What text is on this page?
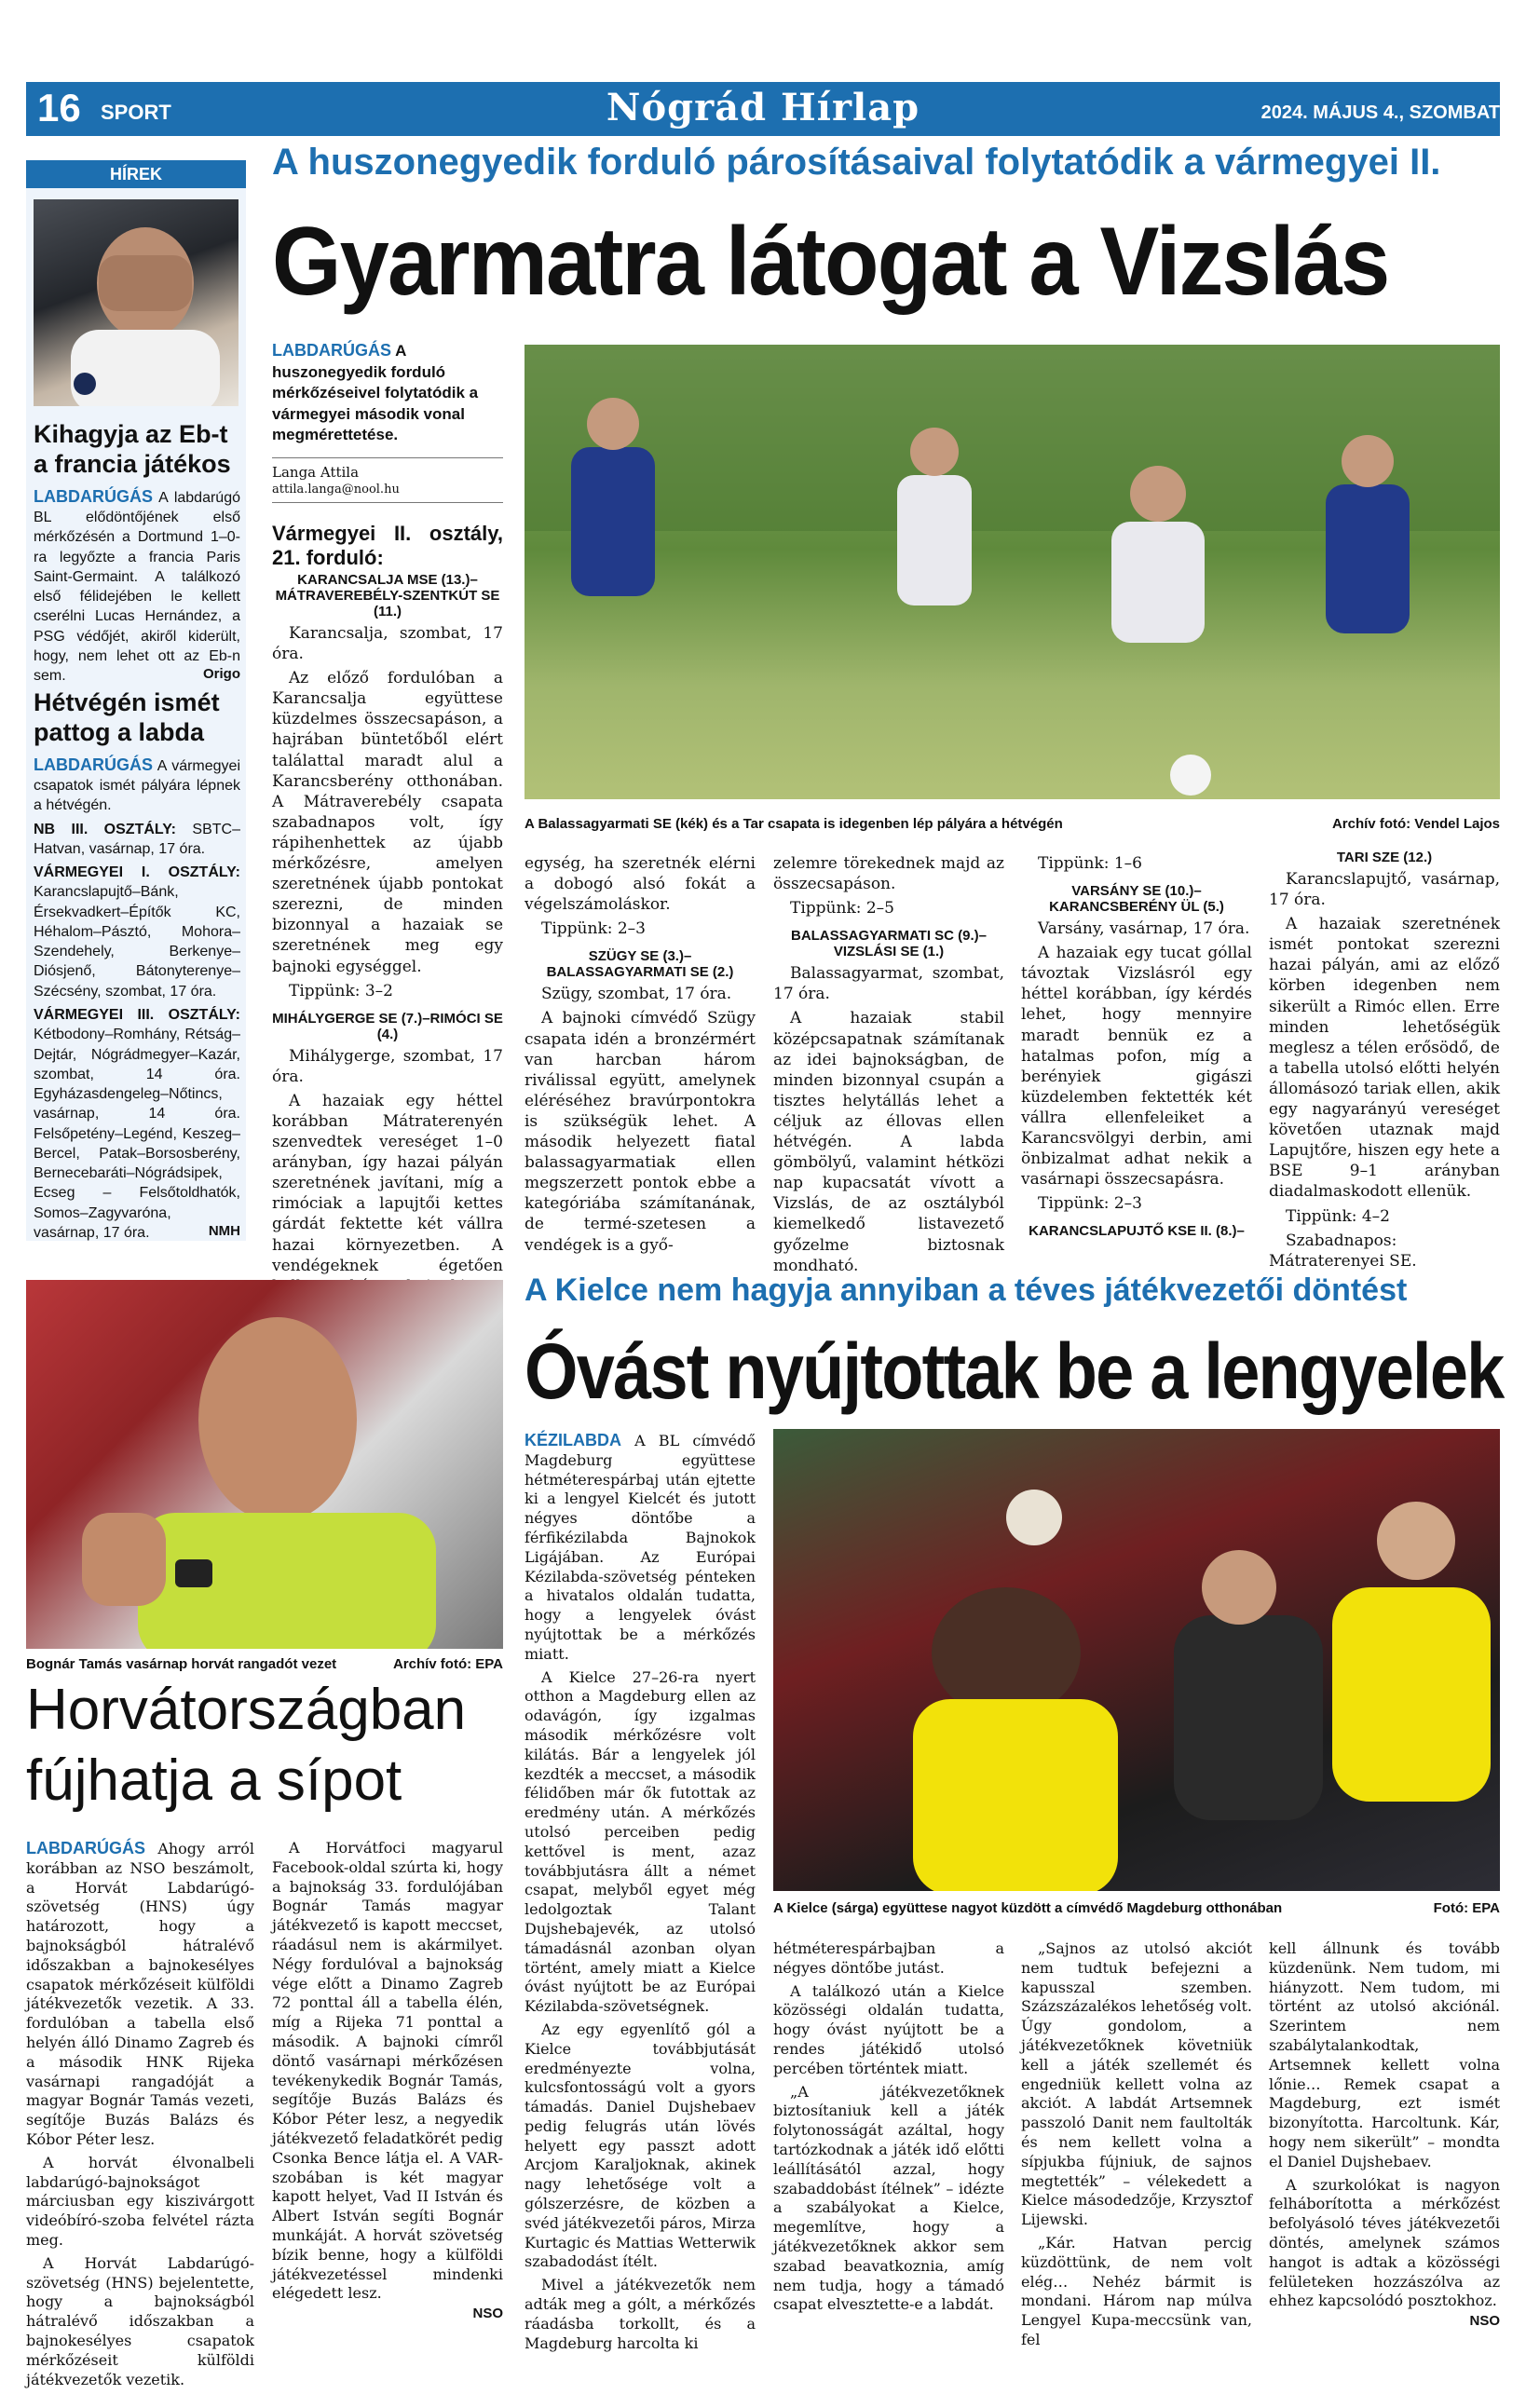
16 SPORT	Nógrád Hírlap	2024. MÁJUS 4., SZOMBAT
HÍREK
Kihagyja az Eb-t a francia játékos
LABDARÚGÁS A labdarúgó BL elődöntőjének első mérkőzésén a Dortmund 1–0-ra legyőzte a francia Paris Saint-Germaint. A találkozó első félidejében le kellett cserélni Lucas Hernández, a PSG védőjét, akiről kiderült, hogy, nem lehet ott az Eb-n sem.	Origo
Hétvégén ismét pattog a labda
LABDARÚGÁS A vármegyei csapatok ismét pályára lépnek a hétvégén.
NB III. OSZTÁLY: SBTC–Hatvan, vasárnap, 17 óra.
VÁRMEGYEI I. OSZTÁLY: Karancslapujtő–Bánk, Érsekvadkert–Építők KC, Héhalom–Pásztó, Mohora–Szendehely, Berkenye–Diósjenő, Bátonyterenye–Szécsény, szombat, 17 óra.
VÁRMEGYEI III. OSZTÁLY: Kétbodony–Romhány, Rétság–Dejtár, Nógrádmegyer–Kazár, szombat, 14 óra. Egyházasdengeleg–Nőtincs, vasárnap, 14 óra. Felsőpetény–Legénd, Keszeg–Bercel, Patak–Borsosberény, Bernecebaráti–Nógrádsipek, Ecseg – Felsőtoldhatók, Somos–Zagyvaróna, vasárnap, 17 óra.	NMH
A huszonegyedik forduló párosításaival folytatódik a vármegyei II.
Gyarmatra látogat a Vizslás
LABDARÚGÁS A huszonegyedik forduló mérkőzéseivel folytatódik a vármegyei második vonal megmérettetése.
Langa Attila
attila.langa@nool.hu
A Balassagyarmati SE (kék) és a Tar csapata is idegenben lép pályára a hétvégén	Archív fotó: Vendel Lajos
Vármegyei II. osztály, 21. forduló:
KARANCSALJA MSE (13.)–MÁTRAVEREBÉLY-SZENTKÚT SE (11.)

Karancsalja, szombat, 17 óra.

Az előző fordulóban a Karancsalja együttese küzdelmes összecsapáson, a hajrában büntetőből elért találattal maradt alul a Karancsberény otthonában. A Mátraverebély csapata szabadnapos volt, így rápihenhettek az újabb mérkőzésre, amelyen szeretnének újabb pontokat szerezni, de minden bizonnyal a hazaiak se szeretnének meg egy bajnoki egységgel.

Tippünk: 3–2

MIHÁLYGERGE SE (7.)–RIMÓCI SE (4.)

Mihálygerge, szombat, 17 óra.

A hazaiak egy héttel korábban Mátraterenyén szenvedtek vereséget 1–0 arányban, így hazai pályán szeretnének javítani, míg a rimóciak a lapujtői kettes gárdát fektette két vállra hazai környezetben. A vendégeknek égetően

egység, ha szeretnék elérni a dobogó alsó fokát a végelszámoláskor.

Tippünk: 2–3

SZÜGY SE (3.)–BALASSAGYARMATI SE (2.)

Szügy, szombat, 17 óra.

A bajnoki címvédő Szügy csapata idén a bronzérmért van harcban három riválissal együtt, amelynek eléréséhez bravúrpontokra is szükségük lehet. A második helyezett fiatal balassagyarmatiak ellen megszerzett pontok ebbe a kategóriába számítanának, de termé-szetesen a vendégek is a győ-

zelemre törekednek majd az összecsapáson.

Tippünk: 2–5

BALASSAGYARMATI SC (9.)–VIZSLÁSI SE (1.)

Balassagyarmat, szombat, 17 óra.

A hazaiak stabil középcsapatnak számítanak az idei bajnokságban, de minden bizonnyal csupán a tisztes helytállás lehet a céljuk az éllovas ellen hétvégén. A labda gömbölyű, valamint hétközi nap kupacsatát vívott a Vizslás, de az osztályból kiemelkedő listavezető győzelme biztosnak mondható.

Tippünk: 1–6

VARSÁNY SE (10.)–KARANCSBERÉNY ÜL (5.)

Varsány, vasárnap, 17 óra.

A hazaiak egy tucat góllal távoztak Vizslásról egy héttel korábban, így kérdés lehet, hogy mennyire maradt bennük ez a hatalmas pofon, míg a berényiek gigászi küzdelemben fektették két vállra ellenfeleiket a Karancsvölgyi derbin, ami önbizalmat adhat nekik a vasárnapi összecsapásra.

Tippünk: 2–3

KARANCSLAPUJTŐ KSE II. (8.)–
TARI SZE (12.)

Karancslapujtő, vasárnap, 17 óra.

A hazaiak szeretnének ismét pontokat szerezni hazai pályán, ami az előző körben idegenben nem sikerült a Rimóc ellen. Erre minden lehetőségük meglesz a télen erősödő, de a tabella utolsó előtti helyén állomásozó tariak ellen, akik egy nagyarányú vereséget követően utaznak majd Lapujtőre, hiszen egy hete a BSE 9–1 arányban diadalmaskodott ellenük.

Tippünk: 4–2

Szabadnapos: Mátraterenyei SE.

Bognár Tamás vasárnap horvát rangadót vezet	Archív fotó: EPA
Horvátországban
fújhatja a sípot

LABDARÚGÁS Ahogy arról korábban az NSO beszámolt, a Horvát Labdarúgó-szövetség (HNS) úgy határozott, hogy a bajnokságból hátralévő időszakban a bajnokesélyes csapatok mérkőzéseit külföldi játékvezetők vezetik. A 33. fordulóban a tabella első helyén álló Dinamo Zagreb és a második HNK Rijeka vasárnapi rangadóját a magyar Bognár Tamás vezeti, segítője Buzás Balázs és Kóbor Péter lesz.

A horvát élvonalbeli labdarúgó-bajnokságot márciusban egy kiszivárgott videóbíró-szoba felvétel rázta meg.

A Horvát Labdarúgó-szövetség (HNS) bejelentette, hogy a bajnokságból hátralévő időszakban a bajnokesélyes csapatok mérkőzéseit külföldi játékvezetők vezetik.

A Horvátfoci magyarul Facebook-oldal szúrta ki, hogy a bajnokság 33. fordulójában Bognár Tamás magyar játékvezető is kapott meccset, ráadásul nem is akármilyet. Négy fordulóval a bajnokság vége előtt a Dinamo Zagreb 72 ponttal áll a tabella élén, míg a Rijeka 71 ponttal a második. A bajnoki címről döntő vasárnapi mérkőzésen tevékenykedik Bognár Tamás, segítője Buzás Balázs és Kóbor Péter lesz, a negyedik játékvezető feladatkörét pedig Csonka Bence látja el. A VAR-szobában is két magyar kapott helyet, Vad II István és Albert István segíti Bognár munkáját. A horvát szövetség bízik benne, hogy a külföldi játékvezetéssel mindenki elégedett lesz.

NSO
A Kielce nem hagyja annyiban a téves játékvezetői döntést
Óvást nyújtottak be a lengyelek

KÉZILABDA A BL címvédő Magdeburg együttese hétméterespárbaj után ejtette ki a lengyel Kielcét és jutott négyes döntőbe a férfikézilabda Bajnokok Ligájában. Az Európai Kézilabda-szövetség pénteken a hivatalos oldalán tudatta, hogy a lengyelek óvást nyújtottak be a mérkőzés miatt.

A Kielce 27–26-ra nyert otthon a Magdeburg ellen az odavágón, így izgalmas második mérkőzésre volt kilátás. Bár a lengyelek jól kezdték a meccset, a második félidőben már ők futottak az eredmény után. A mérkőzés utolsó perceiben pedig kettővel is ment, azaz továbbjutásra állt a német csapat, melyből egyet még ledolgoztak Talant Dujshebajevék, az utolsó támadásnál azonban olyan történt, amely miatt a Kielce óvást nyújtott be az Európai Kézilabda-szövetségnek.

Az egy egyenlítő gól a Kielce továbbjutását eredményezte volna, kulcsfontosságú volt a gyors támadás. Daniel Dujshebaev pedig felugrás után lövés helyett egy passzt adott Arcjom Karaljoknak, akinek nagy lehetősége volt a gólszerzésre, de közben a svéd játékvezetői páros, Mirza Kurtagic és Mattias Wetterwik szabadodást ítélt.

Mivel a játékvezetők nem adták meg a gólt, a mérkőzés ráadásba torkollt, és a Magdeburg harcolta ki

A Kielce (sárga) együttese nagyot küzdött a címvédő Magdeburg otthonában	Fotó: EPA

hétméterespárbajban a négyes döntőbe jutást.

A találkozó után a Kielce közösségi oldalán tudatta, hogy óvást nyújtott be a rendes játékidő utolsó percében történtek miatt.

„A játékvezetőknek biztosítaniuk kell a játék folytonosságát azáltal, hogy tartózkodnak a játék idő előtti leállításától azzal, hogy szabaddobást ítélnek” – idézte a szabályokat a Kielce, megemlítve, hogy a játékvezetőknek akkor sem szabad beavatkoznia, amíg nem tudja, hogy a támadó csapat elvesztette-e a labdát.

„Sajnos az utolsó akciót nem tudtuk befejezni a kapusszal szemben. Százszázalékos lehetőség volt. Úgy gondolom, a játékvezetőknek követniük kell a játék szellemét és engedniük kellett volna az akciót. A labdát Artsemnek passzoló Danit nem faultolták és nem kellett volna a sípjukba fújniuk, de sajnos megtették” – vélekedett a Kielce másodedzője, Krzysztof Lijewski.

„Kár. Hatvan percig küzdöttünk, de nem volt elég… Nehéz bármit is mondani. Három nap múlva Lengyel Kupa-meccsünk van, fel

kell állnunk és tovább küzdenünk. Nem tudom, mi hiányzott. Nem tudom, mi történt az utolsó akciónál. Szerintem nem szabálytalankodtak, Artsemnek kellett volna lőnie… Remek csapat a Magdeburg, ezt ismét bizonyította. Harcoltunk. Kár, hogy nem sikerült” – mondta el Daniel Dujshebaev.

A szurkolókat is nagyon felháborította a mérkőzést befolyásoló téves játékvezetői döntés, amelynek számos hangot is adtak a közösségi felületeken hozzászólva az ehhez kapcsolódó posztokhoz.

NSO
